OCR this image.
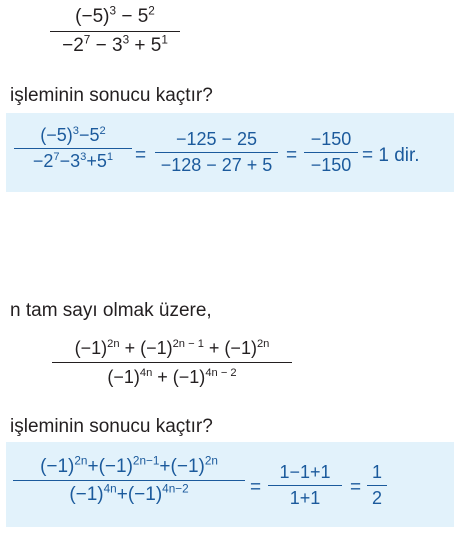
$(-5)^3 - 5^2$
$-2^7 - 3^3 + 5^1$
işleminin sonucu kaçtır?
$(-5)^3-5^2$
$-2^7-3^3+5^1$	=
−125 − 25
−128 − 27 + 5 =
−150
−150 = 1 dir.
n tam sayı olmak üzere,
$(-1)^{2n} + (-1)^{2n - 1} + (-1)^{2n}$
$(-1)^{4n} + (-1)^{4n - 2}$
işleminin sonucu kaçtır?
$(-1)^{2n}+(-1)^{2n-1}+(-1)^{2n}$
$(-1)^{4n}+(-1)^{4n-2}$	=
1−1+1
1+1	=
1
2
